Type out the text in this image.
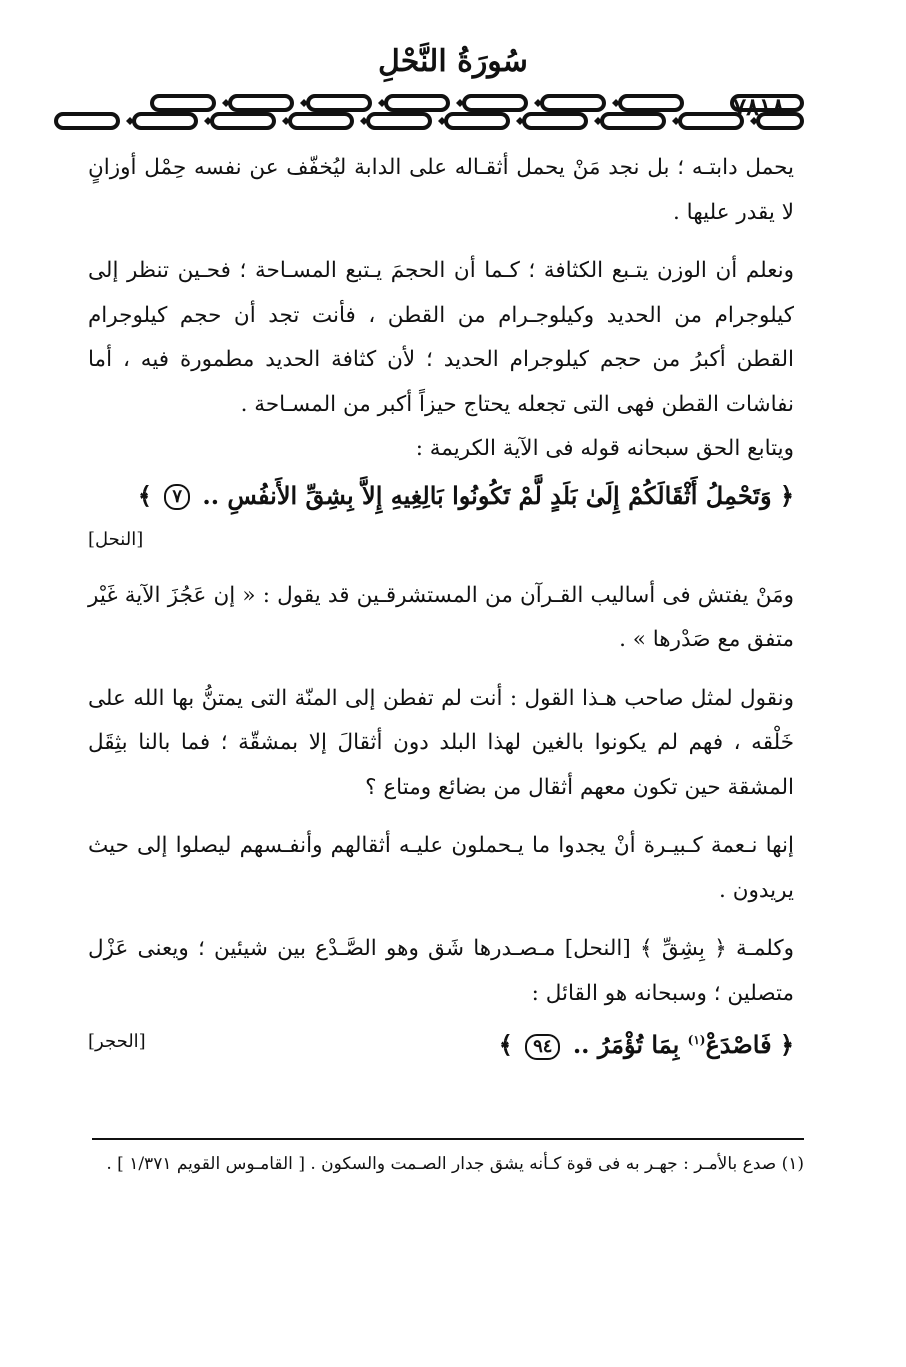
سُورَةُ النَّحْلِ
٧٨١٨

يحمل دابتـه ؛ بل نجد مَنْ يحمل أثقـاله على الدابة ليُخفّف عن نفسه حِمْل أوزانٍ لا يقدر عليها .

ونعلم أن الوزن يتـبع الكثافة ؛ كـما أن الحجمَ يـتبع المسـاحة ؛ فحـين تنظر إلى كيلوجرام من الحديد وكيلوجـرام من القطن ، فأنت تجد أن حجم كيلوجرام القطن أكبرُ من حجم كيلوجرام الحديد ؛ لأن كثافة الحديد مطمورة فيه ، أما نفاشات القطن فهى التى تجعله يحتاج حيزاً أكبر من المسـاحة .

ويتابع الحق سبحانه قوله فى الآية الكريمة :

﴿ وَتَحْمِلُ أَثْقَالَكُمْ إِلَىٰ بَلَدٍ لَّمْ تَكُونُوا بَالِغِيهِ إِلاَّ بِشِقِّ الأَنفُسِ .. ٧ ﴾
[النحل]

ومَنْ يفتش فى أساليب القـرآن من المستشرقـين قد يقول : « إن عَجُزَ الآية غَيْر متفق مع صَدْرها » .

ونقول لمثل صاحب هـذا القول : أنت لم تفطن إلى المنّة التى يمتنُّ بها الله على خَلْقه ، فهم لم يكونوا بالغين لهذا البلد دون أثقالَ إلا بمشقّة ؛ فما بالنا بثِقَل المشقة حين تكون معهم أثقال من بضائع ومتاع ؟

إنها نـعمة كـبيـرة أنْ يجدوا ما يـحملون عليـه أثقالهم وأنفـسهم ليصلوا إلى حيث يريدون .

وكلمـة ﴿ بِشِقِّ ﴾ [النحل] مـصـدرها شَق وهو الصَّـدْع بين شيئين ؛ ويعنى عَزْل متصلين ؛ وسبحانه هو القائل :

﴿ فَاصْدَعْ$^{(١)}$ بِمَا تُؤْمَرُ .. ٩٤ ﴾
[الحجر]

(١) صدع بالأمـر : جهـر به فى قوة كـأنه يشق جدار الصـمت والسكون . [ القامـوس القويم ١/٣٧١ ] .
